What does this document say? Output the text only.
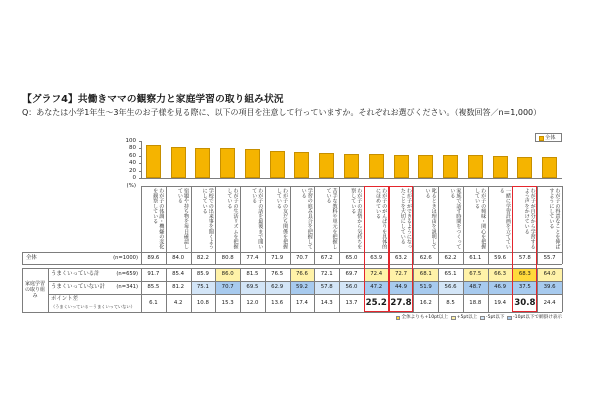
【グラフ4】共働きママの観察力と家庭学習の取り組み状況
Q：あなたは小学1年生～3年生のお子様を見る際に、以下の項目を注意して行っていますか。それぞれお選びください。（複数回答／n=1,000）
0
20
40
60
80
100
(%)
全体
わが子の体調・機嫌の変化を観察している	宿題や持ち物を毎日確認している	学校での出来事を聞くようにしている	わが子の生活リズムを把握している	わが子の話を最後まで聞いている	わが子の友だち関係を把握している	学習の進み具合を把握している	苦手な教科や単元を把握している	わが子の表情から気持ちを察している	わが子のがんばりを具体的にほめている	わが子ができるようになったことを大切にしている	叱るときは理由を説明している	家族で話す時間をつくっている	わが子の興味・関心を把握している	一緒に学習計画を立てている	わが子が自分から学習するよう声をかけている	わが子の得意なことを伸ばすようにしている
89.6	84.0	82.2	80.8	77.4	71.9	70.7	67.2	65.0	63.9	63.2	62.6	62.2	61.1	59.6	57.8	55.7
91.7	85.4	85.9	86.0	81.5	76.5	76.6	72.1	69.7	72.4	72.7	68.1	65.1	67.5	66.3	68.3	64.0
85.5	81.2	75.1	70.7	69.5	62.9	59.2	57.8	56.0	47.2	44.9	51.9	56.6	48.7	46.9	37.5	39.6
6.1	4.2	10.8	15.3	12.0	13.6	17.4	14.3	13.7 25.2 27.8	16.2	8.5	18.8	19.4 30.8	24.4
全体	(n=1000)
家庭学習の取り組み
うまくいっている計	(n=659)
うまくいっていない計	(n=341)
ポイント差
（うまくいっている－うまくいっていない）
全体よりも+10pt以上 +5pt以上 -5pt以下 -10pt以下で網掛け表示
